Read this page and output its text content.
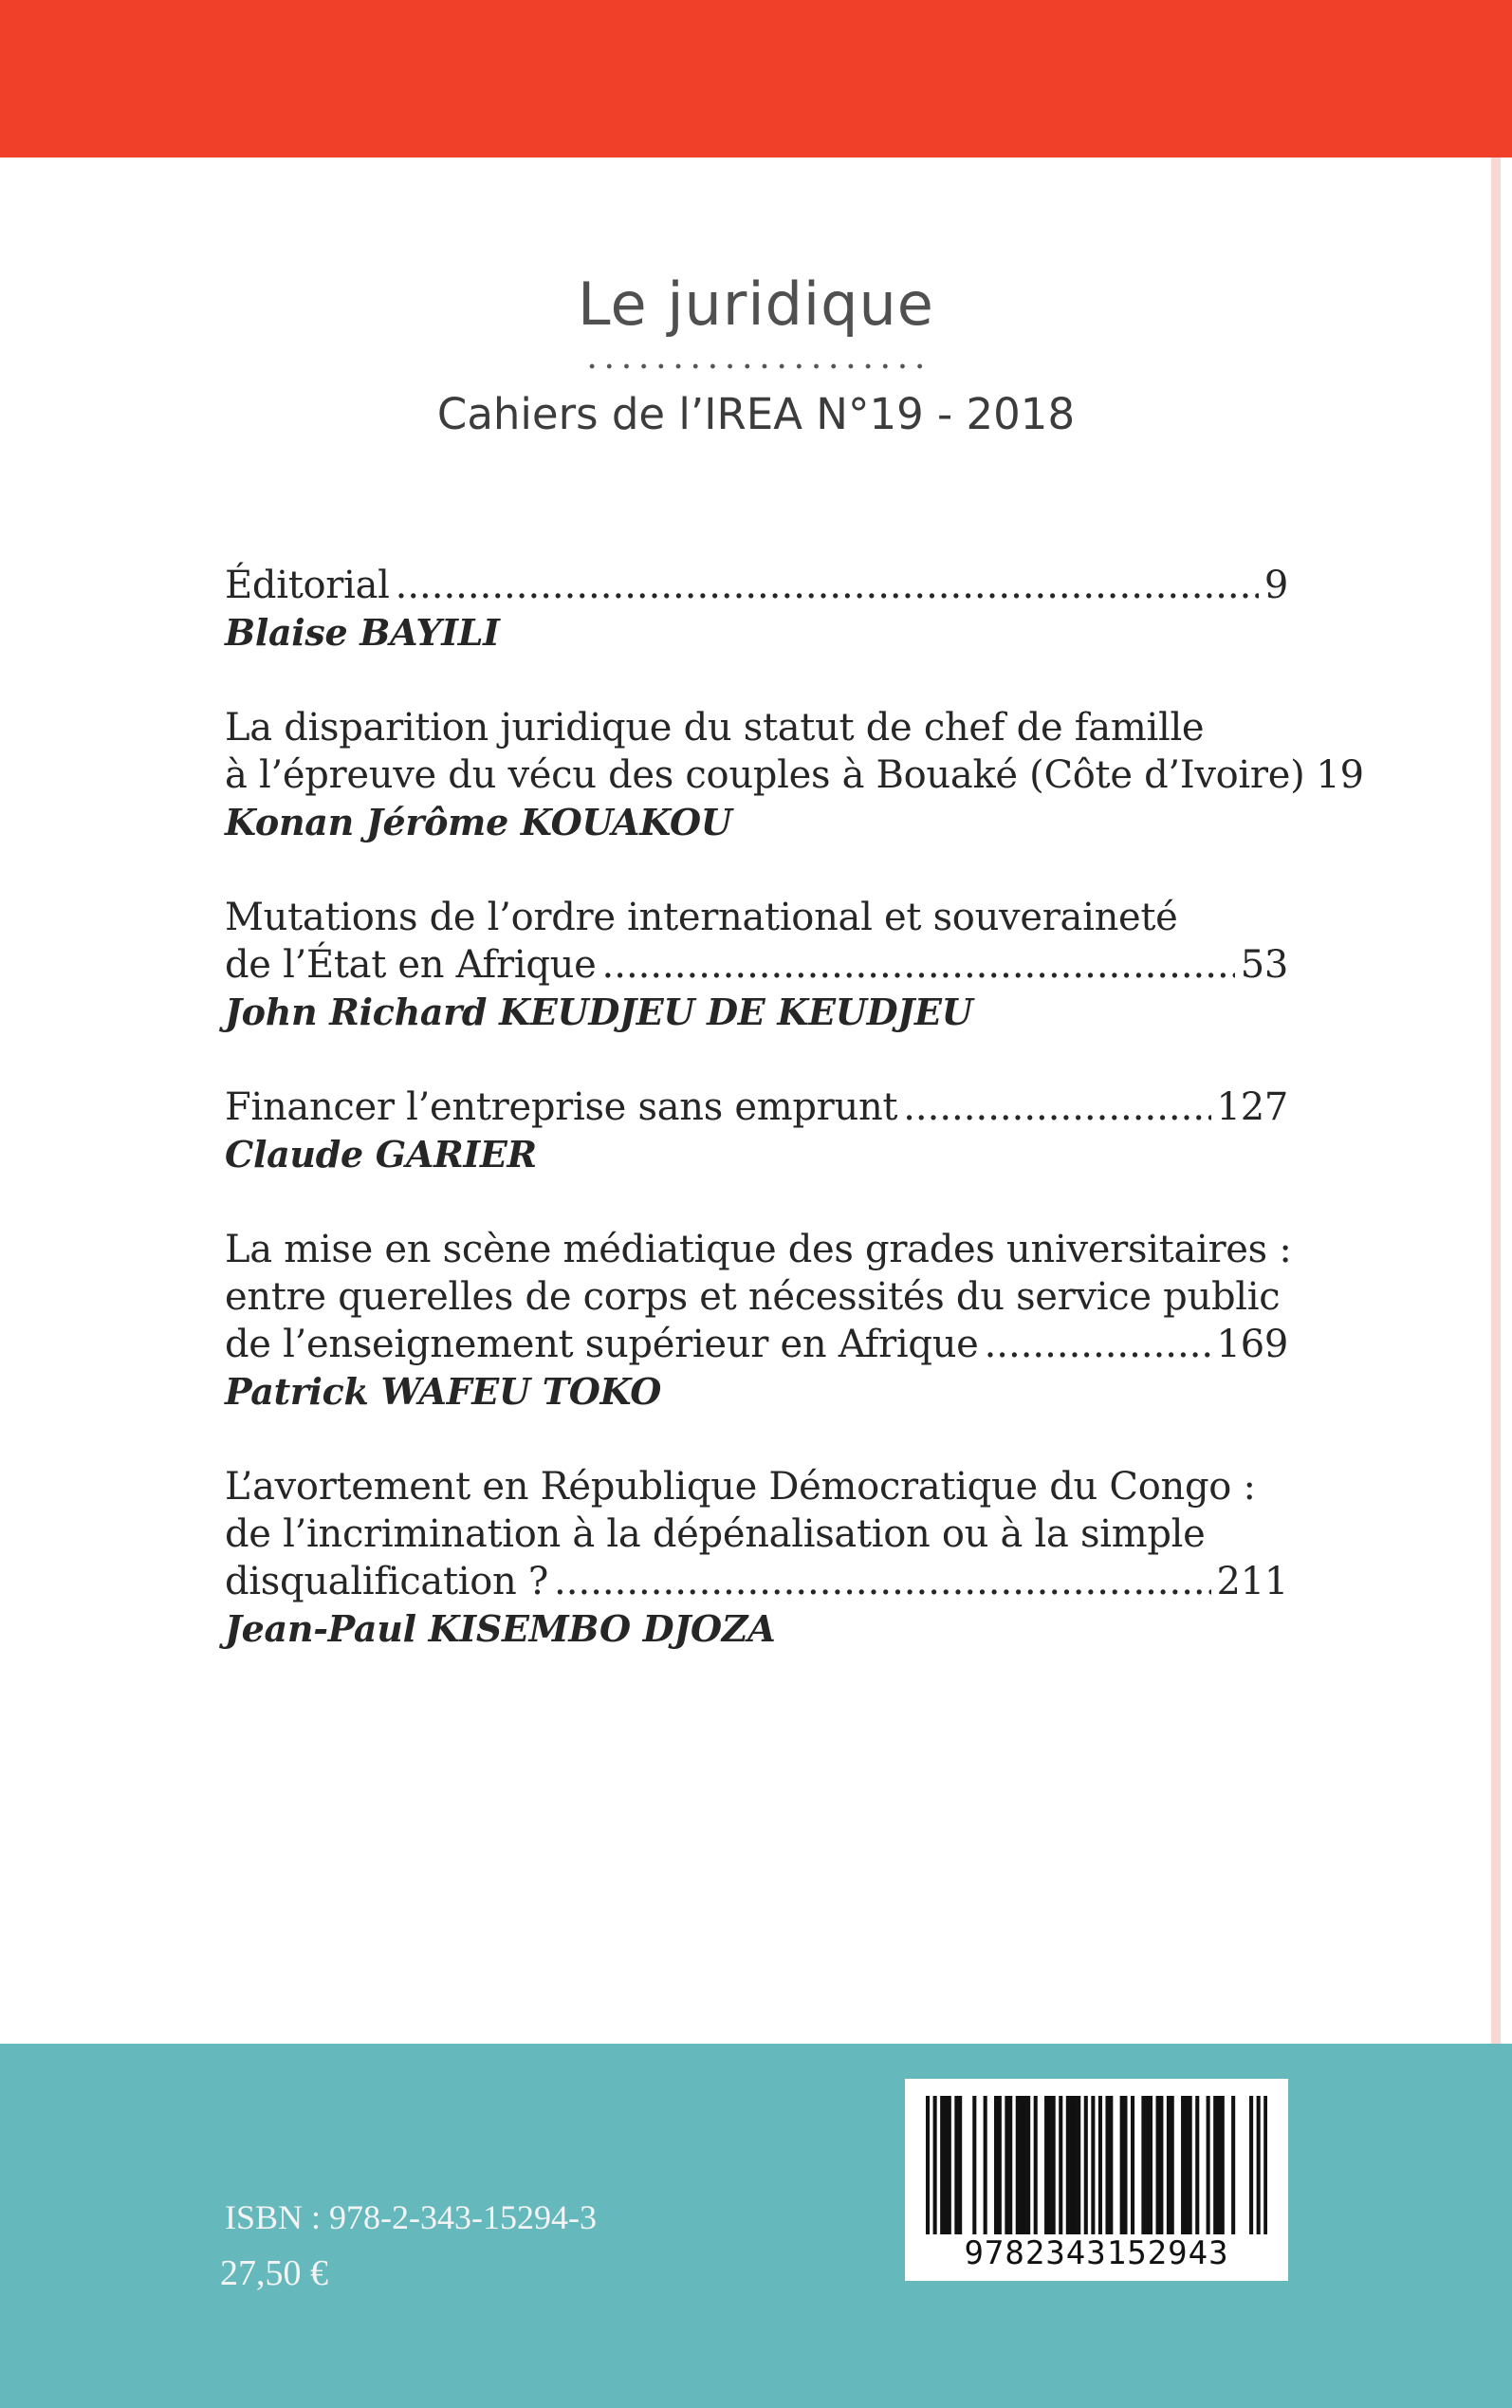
Le juridique
Cahiers de l’IREA N°19 - 2018
Éditorial .....	9
Blaise BAYILI
La disparition juridique du statut de chef de famille
à l’épreuve du vécu des couples à Bouaké (Côte d’Ivoire) 19
Konan Jérôme KOUAKOU
Mutations de l’ordre international et souveraineté
de l’État en Afrique .....	53
John Richard KEUDJEU DE KEUDJEU
Financer l’entreprise sans emprunt .....	127
Claude GARIER
La mise en scène médiatique des grades universitaires :
entre querelles de corps et nécessités du service public
de l’enseignement supérieur en Afrique .....	169
Patrick WAFEU TOKO
L’avortement en République Démocratique du Congo :
de l’incrimination à la dépénalisation ou à la simple
disqualification ? .....	211
Jean-Paul KISEMBO DJOZA
ISBN : 978-2-343-15294-3
27,50 €	9782343152943
